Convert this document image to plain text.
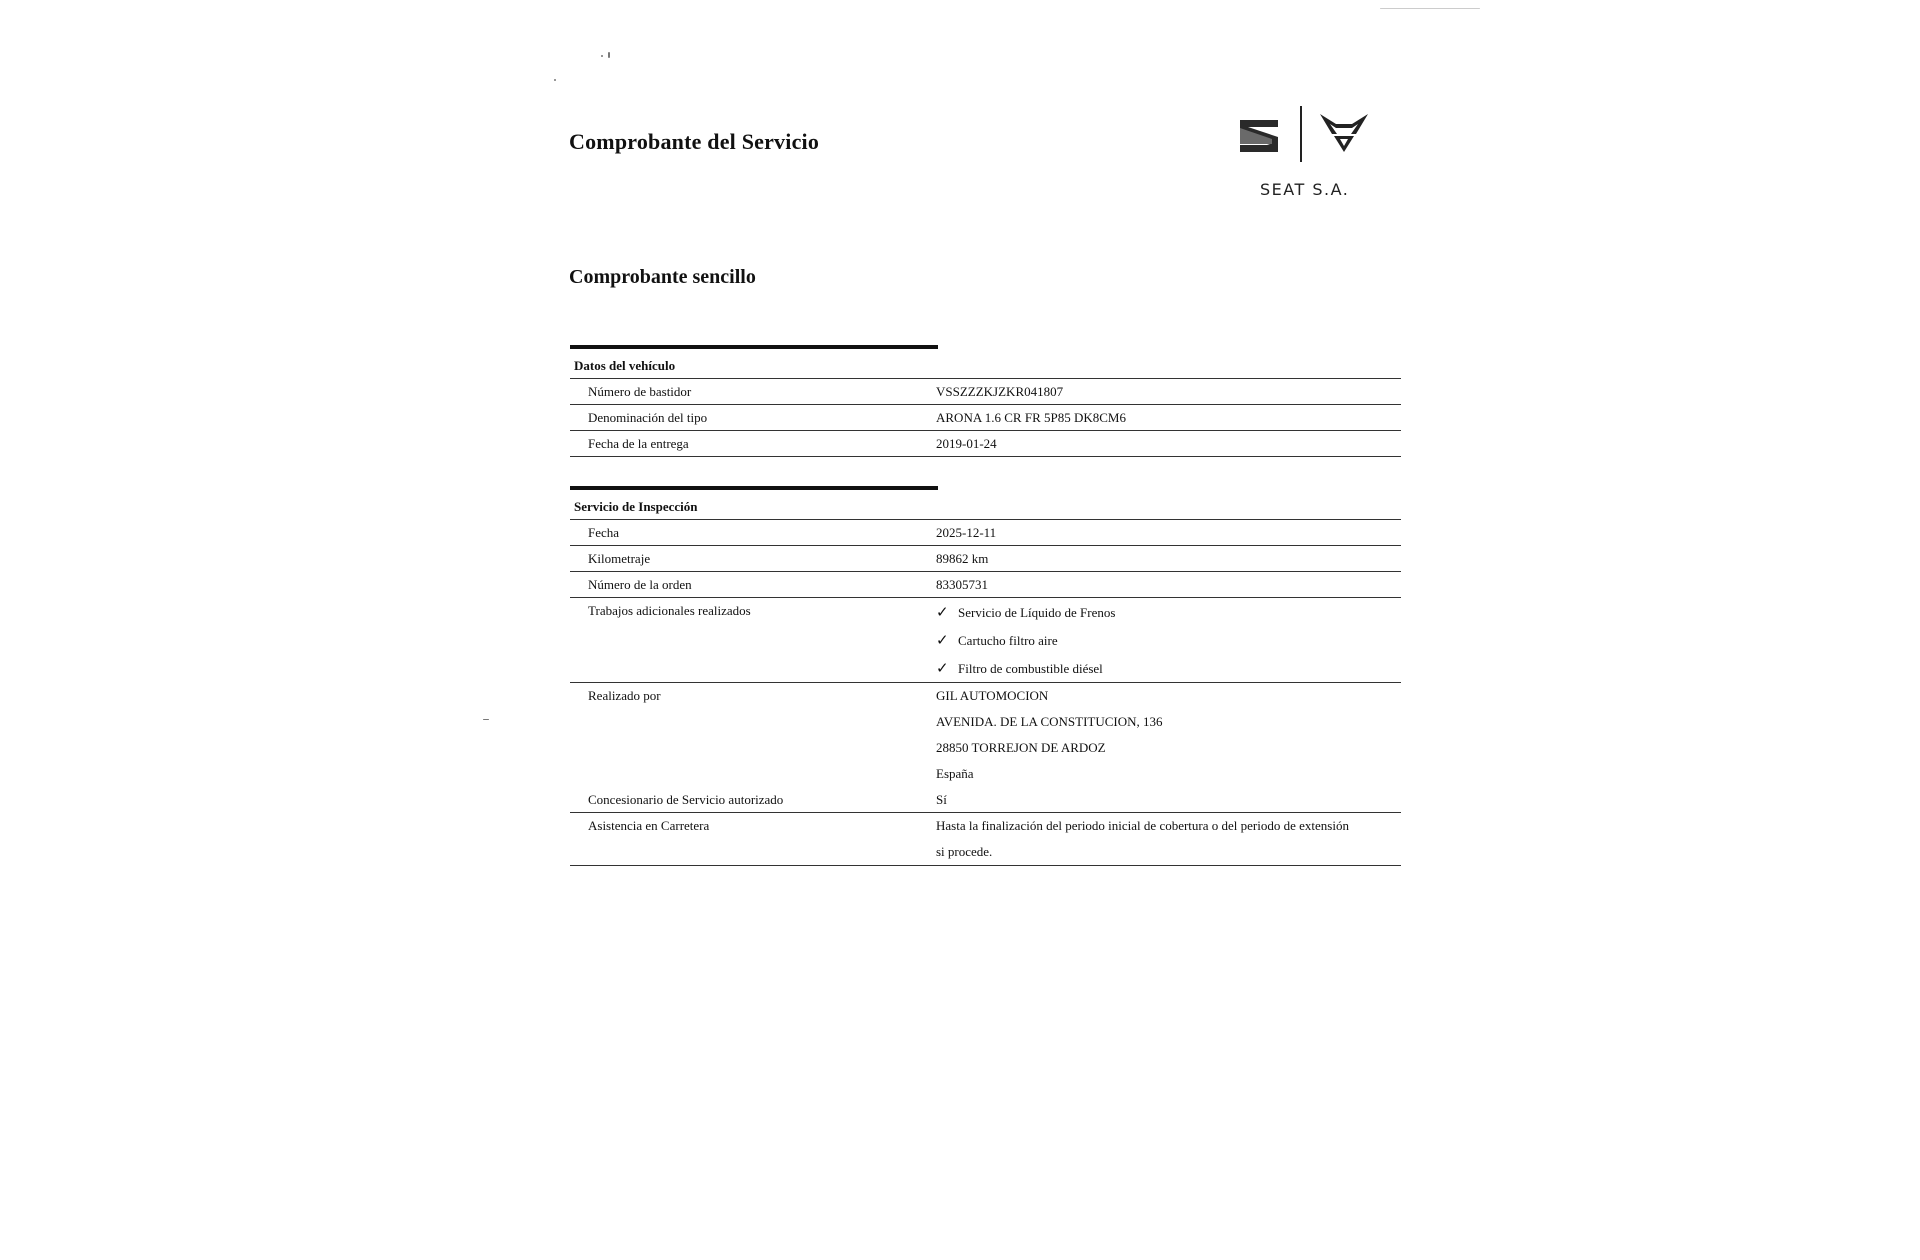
Comprobante del Servicio
SEAT S.A.
Comprobante sencillo
Datos del vehículo
Número de bastidor	VSSZZZKJZKR041807
Denominación del tipo	ARONA 1.6 CR FR 5P85 DK8CM6
Fecha de la entrega	2019-01-24
Servicio de Inspección
Fecha	2025-12-11
Kilometraje	89862 km
Número de la orden	83305731
Trabajos adicionales realizados	✓ Servicio de Líquido de Frenos
✓ Cartucho filtro aire
✓ Filtro de combustible diésel
Realizado por	GIL AUTOMOCION
AVENIDA. DE LA CONSTITUCION, 136
28850 TORREJON DE ARDOZ
España
Concesionario de Servicio autorizado	Sí
Asistencia en Carretera	Hasta la finalización del periodo inicial de cobertura o del periodo de extensión
si procede.
